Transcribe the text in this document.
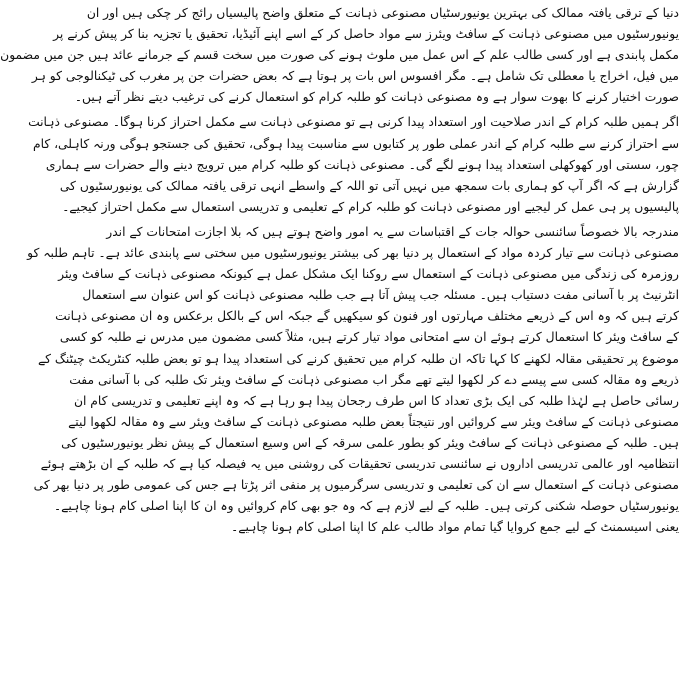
دنیا کے ترقی یافتہ ممالک کی بہترین یونیورسٹیاں مصنوعی ذہانت کے متعلق واضح پالیسیاں رائج کر چکی ہیں اور ان
یونیورسٹیوں میں مصنوعی ذہانت کے سافٹ ویئرز سے مواد حاصل کر کے اسے اپنے آئیڈیا، تحقیق یا تجزیہ بنا کر پیش کرنے پر
مکمل پابندی ہے اور کسی طالب علم کے اس عمل میں ملوث ہونے کی صورت میں سخت قسم کے جرمانے عائد ہیں جن میں مضمون
میں فیل، اخراج یا معطلی تک شامل ہے۔ مگر افسوس اس بات پر ہوتا ہے کہ بعض حضرات جن پر مغرب کی ٹیکنالوجی کو ہر
صورت اختیار کرنے کا بھوت سوار ہے وہ مصنوعی ذہانت کو طلبہ کرام کو استعمال کرنے کی ترغیب دیتے نظر آتے ہیں۔
اگر ہمیں طلبہ کرام کے اندر صلاحیت اور استعداد پیدا کرنی ہے تو مصنوعی ذہانت سے مکمل احتراز کرنا ہوگا۔ مصنوعی ذہانت
سے احتراز کرنے سے طلبہ کرام کے اندر عملی طور پر کتابوں سے مناسبت پیدا ہوگی، تحقیق کی جستجو ہوگی ورنہ کاہلی، کام
چور، سستی اور کھوکھلی استعداد پیدا ہونے لگے گی۔ مصنوعی ذہانت کو طلبہ کرام میں ترویج دینے والے حضرات سے ہماری
گزارش ہے کہ اگر آپ کو ہماری بات سمجھ میں نہیں آتی تو اللہ کے واسطے انہی ترقی یافتہ ممالک کی یونیورسٹیوں کی
پالیسیوں پر ہی عمل کر لیجیے اور مصنوعی ذہانت کو طلبہ کرام کے تعلیمی و تدریسی استعمال سے مکمل احتراز کیجیے۔
مندرجہ بالا خصوصاً سائنسی حوالہ جات کے اقتباسات سے یہ امور واضح ہوتے ہیں کہ بلا اجازت امتحانات کے اندر
مصنوعی ذہانت سے تیار کردہ مواد کے استعمال پر دنیا بھر کی بیشتر یونیورسٹیوں میں سختی سے پابندی عائد ہے۔ تاہم طلبہ کو
روزمرہ کی زندگی میں مصنوعی ذہانت کے استعمال سے روکنا ایک مشکل عمل ہے کیونکہ مصنوعی ذہانت کے سافٹ ویئر
انٹرنیٹ پر با آسانی مفت دستیاب ہیں۔ مسئلہ جب پیش آتا ہے جب طلبہ مصنوعی ذہانت کو اس عنوان سے استعمال
کرتے ہیں کہ وہ اس کے ذریعے مختلف مہارتوں اور فنون کو سیکھیں گے جبکہ اس کے بالکل برعکس وہ ان مصنوعی ذہانت
کے سافٹ ویئر کا استعمال کرتے ہوئے ان سے امتحانی مواد تیار کرتے ہیں، مثلاً کسی مضمون میں مدرس نے طلبہ کو کسی
موضوع پر تحقیقی مقالہ لکھنے کا کہا تاکہ ان طلبہ کرام میں تحقیق کرنے کی استعداد پیدا ہو تو بعض طلبہ کنٹریکٹ چیٹنگ کے
ذریعے وہ مقالہ کسی سے پیسے دے کر لکھوا لیتے تھے مگر اب مصنوعی ذہانت کے سافٹ ویئر تک طلبہ کی با آسانی مفت
رسائی حاصل ہے لہٰذا طلبہ کی ایک بڑی تعداد کا اس طرف رجحان پیدا ہو رہا ہے کہ وہ اپنے تعلیمی و تدریسی کام ان
مصنوعی ذہانت کے سافٹ ویئر سے کروائیں اور نتیجتاً بعض طلبہ مصنوعی ذہانت کے سافٹ ویئر سے وہ مقالہ لکھوا لیتے
ہیں۔ طلبہ کے مصنوعی ذہانت کے سافٹ ویئر کو بطور علمی سرقہ کے اس وسیع استعمال کے پیش نظر یونیورسٹیوں کی
انتظامیہ اور عالمی تدریسی اداروں نے سائنسی تدریسی تحقیقات کی روشنی میں یہ فیصلہ کیا ہے کہ طلبہ کے ان بڑھتے ہوئے
مصنوعی ذہانت کے استعمال سے ان کی تعلیمی و تدریسی سرگرمیوں پر منفی اثر پڑتا ہے جس کی عمومی طور پر دنیا بھر کی
یونیورسٹیاں حوصلہ شکنی کرتی ہیں۔ طلبہ کے لیے لازم ہے کہ وہ جو بھی کام کروائیں وہ ان کا اپنا اصلی کام ہونا چاہیے۔
یعنی اسیسمنٹ کے لیے جمع کروایا گیا تمام مواد طالب علم کا اپنا اصلی کام ہونا چاہیے۔
